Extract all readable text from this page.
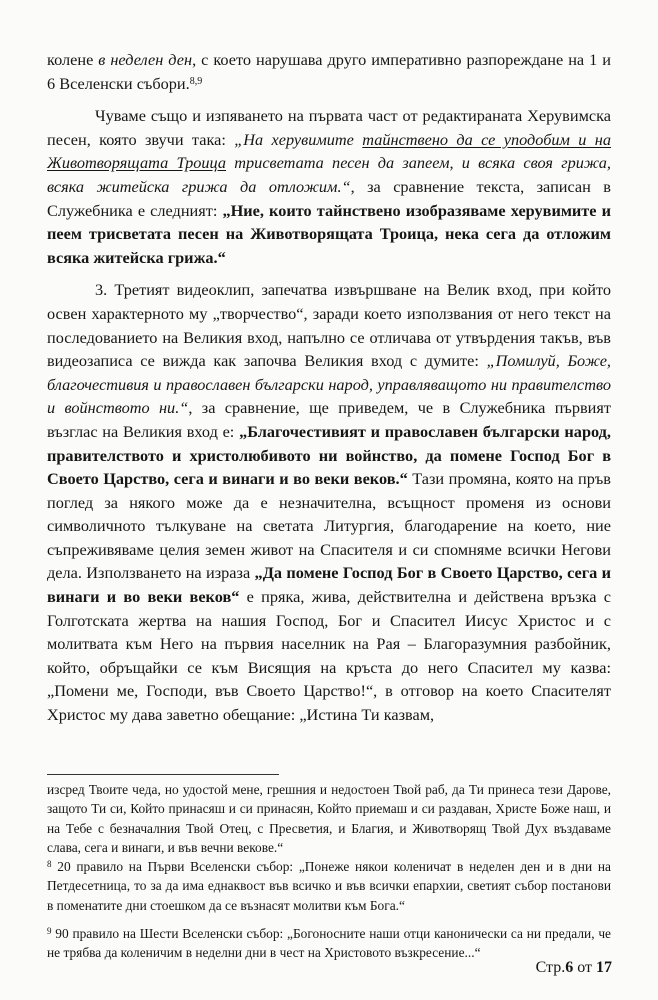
колене в неделен ден, с което нарушава друго императивно разпореждане на 1 и 6 Вселенски събори.$^{8,9}$

Чуваме също и изпяването на първата част от редактираната Херувимска песен, която звучи така: „На херувимите тайнствено да се уподобим и на Животворящата Троица трисветата песен да запеем, и всяка своя грижа, всяка житейска грижа да отложим.“, за сравнение текста, записан в Служебника е следният: „Ние, които тайнствено изобразяваме херувимите и пеем трисветата песен на Животворящата Троица, нека сега да отложим всяка житейска грижа.“

3. Третият видеоклип, запечатва извършване на Велик вход, при който освен характерното му „творчество“, заради което използвания от него текст на последованието на Великия вход, напълно се отличава от утвърдения такъв, във видеозаписа се вижда как започва Великия вход с думите: „Помилуй, Боже, благочестивия и православен български народ, управляващото ни правителство и войнството ни.“, за сравнение, ще приведем, че в Служебника първият възглас на Великия вход е: „Благочестивият и православен български народ, правителството и христолюбивото ни войнство, да помене Господ Бог в Своето Царство, сега и винаги и во веки веков.“ Тази промяна, която на пръв поглед за някого може да е незначителна, всъщност променя из основи символичното тълкуване на светата Литургия, благодарение на което, ние съпреживяваме целия земен живот на Спасителя и си спомняме всички Негови дела. Използването на израза „Да помене Господ Бог в Своето Царство, сега и винаги и во веки веков“ е пряка, жива, действителна и действена връзка с Голготската жертва на нашия Господ, Бог и Спасител Иисус Христос и с молитвата към Него на първия населник на Рая – Благоразумния разбойник, който, обръщайки се към Висящия на кръста до него Спасител му казва: „Помени ме, Господи, във Своето Царство!“, в отговор на което Спасителят Христос му дава заветно обещание: „Истина Ти казвам,

изсред Твоите чеда, но удостой мене, грешния и недостоен Твой раб, да Ти принеса тези Дарове, защото Ти си, Който принасяш и си принасян, Който приемаш и си раздаван, Христе Боже наш, и на Тебе с безначалния Твой Отец, с Пресветия, и Благия, и Животворящ Твой Дух въздаваме слава, сега и винаги, и във вечни векове.“

$^8$ 20 правило на Първи Вселенски събор: „Понеже някои коленичат в неделен ден и в дни на Петдесетница, то за да има еднаквост във всичко и във всички епархии, светият събор постанови в поменатите дни стоешком да се възнасят молитви към Бога.“

$^9$ 90 правило на Шести Вселенски събор: „Богоносните наши отци канонически са ни предали, че не трябва да коленичим в неделни дни в чест на Христовото възкресение...“

Стр.6 от 17
